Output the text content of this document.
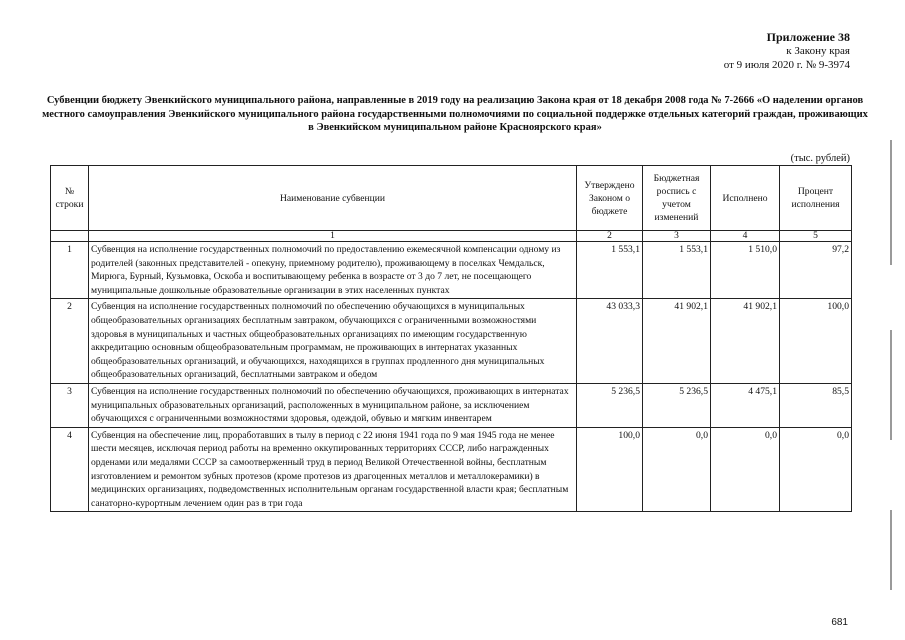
Приложение 38
к Закону края
от 9 июля 2020 г. № 9-3974
Субвенции бюджету Эвенкийского муниципального района, направленные в 2019 году на реализацию Закона края от 18 декабря 2008 года № 7-2666 «О наделении органов местного самоуправления Эвенкийского муниципального района государственными полномочиями по социальной поддержке отдельных категорий граждан, проживающих в Эвенкийском муниципальном районе Красноярского края»
(тыс. рублей)
№ строки	Наименование субвенции	Утверждено Законом о бюджете	Бюджетная роспись с учетом изменений	Исполнено	Процент исполнения
	1	2	3	4	5
1	Субвенция на исполнение государственных полномочий по предоставлению ежемесячной компенсации одному из родителей (законных представителей - опекуну, приемному родителю), проживающему в поселках Чемдальск, Мирюга, Бурный, Кузьмовка, Оскоба и воспитывающему ребенка в возрасте от 3 до 7 лет, не посещающего муниципальные дошкольные образовательные организации в этих населенных пунктах	1 553,1	1 553,1	1 510,0	97,2
2	Субвенция на исполнение государственных полномочий по обеспечению обучающихся в муниципальных общеобразовательных организациях бесплатным завтраком, обучающихся с ограниченными возможностями здоровья в муниципальных и частных общеобразовательных организациях по имеющим государственную аккредитацию основным общеобразовательным программам, не проживающих в интернатах указанных общеобразовательных организаций, и обучающихся, находящихся в группах продленного дня муниципальных общеобразовательных организаций, бесплатными завтраком и обедом	43 033,3	41 902,1	41 902,1	100,0
3	Субвенция на исполнение государственных полномочий по обеспечению обучающихся, проживающих в интернатах муниципальных образовательных организаций, расположенных в муниципальном районе, за исключением обучающихся с ограниченными возможностями здоровья, одеждой, обувью и мягким инвентарем	5 236,5	5 236,5	4 475,1	85,5
4	Субвенция на обеспечение лиц, проработавших в тылу в период с 22 июня 1941 года по 9 мая 1945 года не менее шести месяцев, исключая период работы на временно оккупированных территориях СССР, либо награжденных орденами или медалями СССР за самоотверженный труд в период Великой Отечественной войны, бесплатным изготовлением и ремонтом зубных протезов (кроме протезов из драгоценных металлов и металлокерамики) в медицинских организациях, подведомственных исполнительным органам государственной власти края; бесплатным санаторно-курортным лечением один раз в три года	100,0	0,0	0,0	0,0
681
